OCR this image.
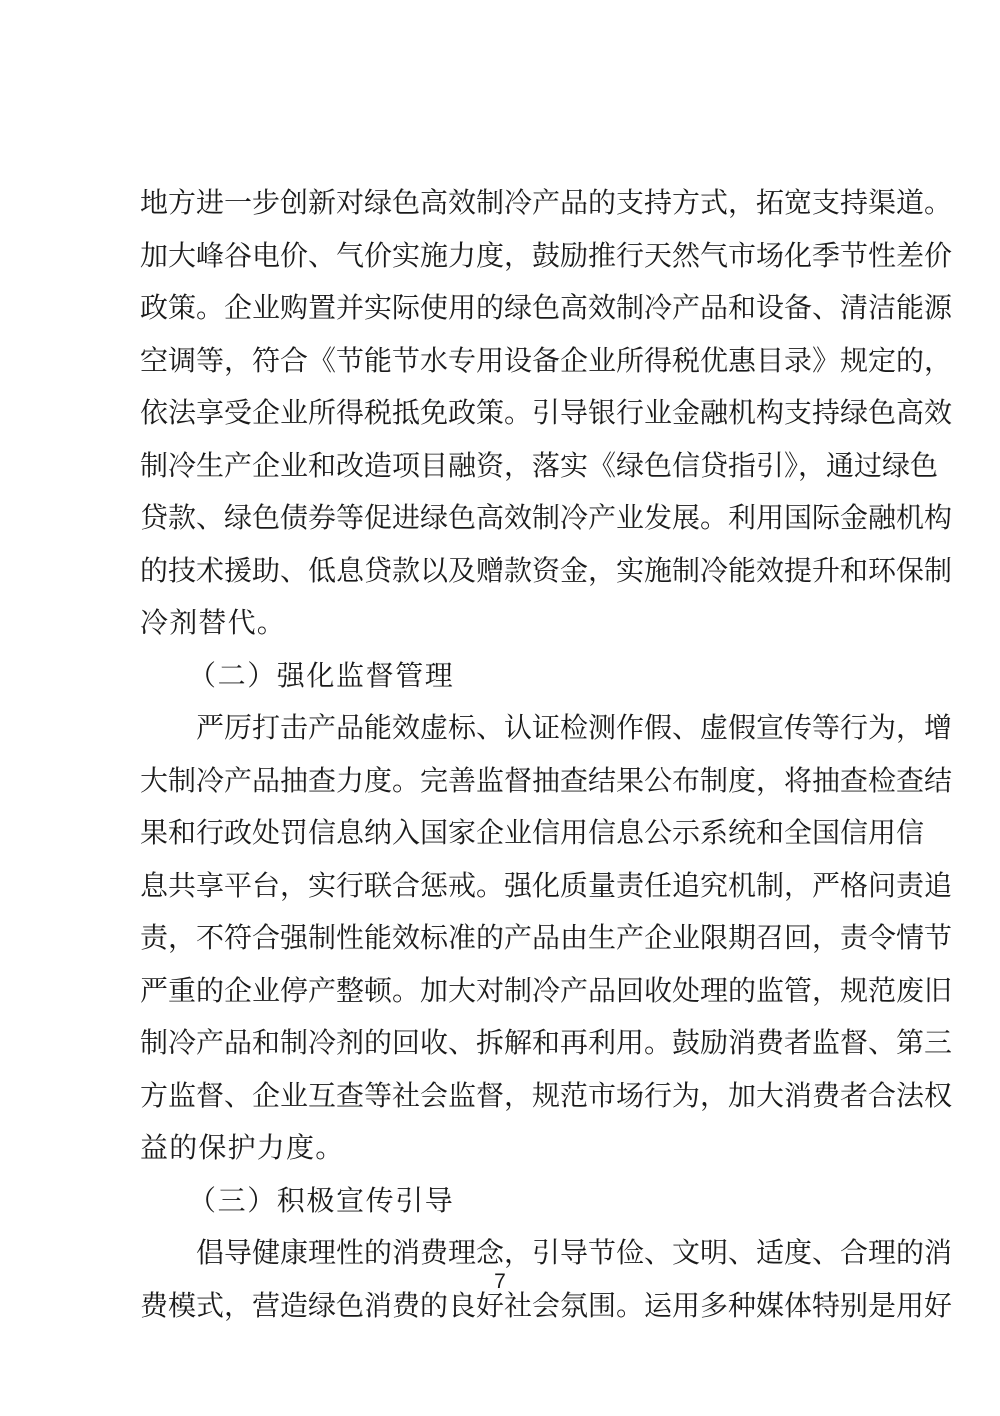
地方进一步创新对绿色高效制冷产品的支持方式，拓宽支持渠道。
加大峰谷电价、气价实施力度，鼓励推行天然气市场化季节性差价
政策。企业购置并实际使用的绿色高效制冷产品和设备、清洁能源
空调等，符合《节能节水专用设备企业所得税优惠目录》规定的，
依法享受企业所得税抵免政策。引导银行业金融机构支持绿色高效
制冷生产企业和改造项目融资，落实《绿色信贷指引》，通过绿色
贷款、绿色债券等促进绿色高效制冷产业发展。利用国际金融机构
的技术援助、低息贷款以及赠款资金，实施制冷能效提升和环保制
冷剂替代。
（二）强化监督管理
严厉打击产品能效虚标、认证检测作假、虚假宣传等行为，增
大制冷产品抽查力度。完善监督抽查结果公布制度，将抽查检查结
果和行政处罚信息纳入国家企业信用信息公示系统和全国信用信
息共享平台，实行联合惩戒。强化质量责任追究机制，严格问责追
责，不符合强制性能效标准的产品由生产企业限期召回，责令情节
严重的企业停产整顿。加大对制冷产品回收处理的监管，规范废旧
制冷产品和制冷剂的回收、拆解和再利用。鼓励消费者监督、第三
方监督、企业互查等社会监督，规范市场行为，加大消费者合法权
益的保护力度。
（三）积极宣传引导
倡导健康理性的消费理念，引导节俭、文明、适度、合理的消
费模式，营造绿色消费的良好社会氛围。运用多种媒体特别是用好
7
